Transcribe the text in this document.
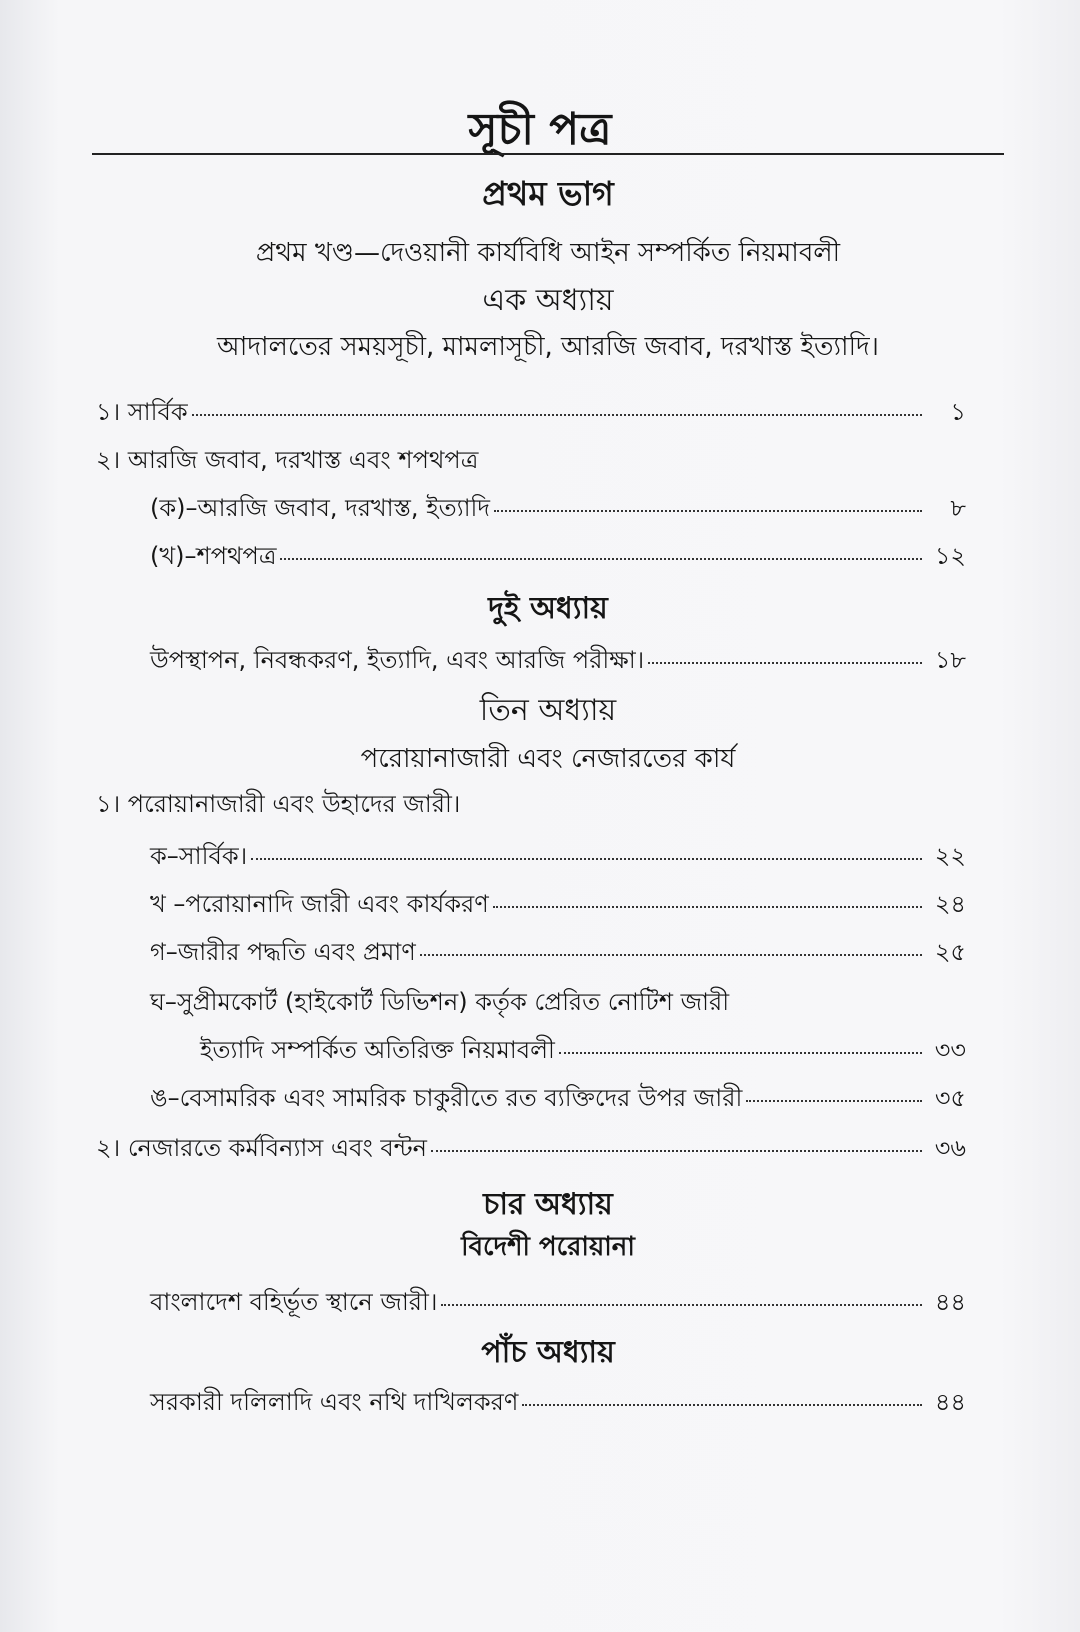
সূচী পত্র
প্রথম ভাগ
প্রথম খণ্ড—দেওয়ানী কার্যবিধি আইন সম্পর্কিত নিয়মাবলী
এক অধ্যায়
আদালতের সময়সূচী, মামলাসূচী, আরজি জবাব, দরখাস্ত ইত্যাদি।
১। সার্বিক	১
২। আরজি জবাব, দরখাস্ত এবং শপথপত্র
(ক)–আরজি জবাব, দরখাস্ত, ইত্যাদি	৮
(খ)–শপথপত্র	১২
দুই অধ্যায়
উপস্থাপন, নিবন্ধকরণ, ইত্যাদি, এবং আরজি পরীক্ষা।	১৮
তিন অধ্যায়
পরোয়ানাজারী এবং নেজারতের কার্য
১। পরোয়ানাজারী এবং উহাদের জারী।
ক–সার্বিক।	২২
খ –পরোয়ানাদি জারী এবং কার্যকরণ	২৪
গ–জারীর পদ্ধতি এবং প্রমাণ	২৫
ঘ–সুপ্রীমকোর্ট (হাইকোর্ট ডিভিশন) কর্তৃক প্রেরিত নোটিশ জারী
ইত্যাদি সম্পর্কিত অতিরিক্ত নিয়মাবলী	৩৩
ঙ–বেসামরিক এবং সামরিক চাকুরীতে রত ব্যক্তিদের উপর জারী	৩৫
২। নেজারতে কর্মবিন্যাস এবং বন্টন	৩৬
চার অধ্যায়
বিদেশী পরোয়ানা
বাংলাদেশ বহির্ভূত স্থানে জারী।	৪৪
পাঁচ অধ্যায়
সরকারী দলিলাদি এবং নথি দাখিলকরণ	৪৪
